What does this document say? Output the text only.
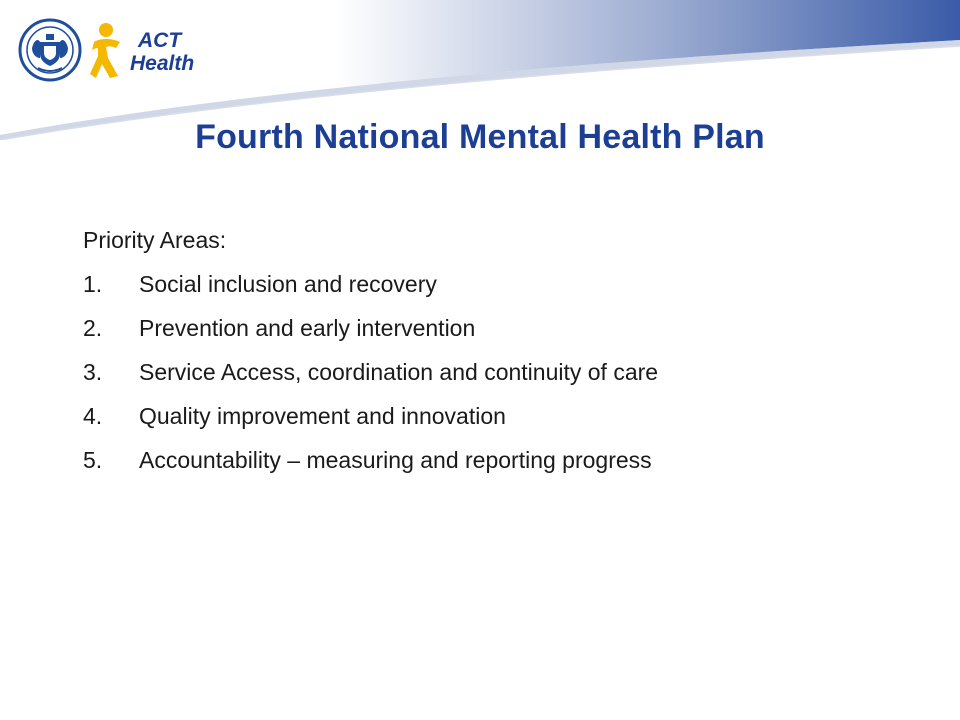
ACT
Health
Fourth National Mental Health Plan
Priority Areas:
1.	Social inclusion and recovery
2.	Prevention and early intervention
3.	Service Access, coordination and continuity of care
4.	Quality improvement and innovation
5.	Accountability – measuring and reporting progress
